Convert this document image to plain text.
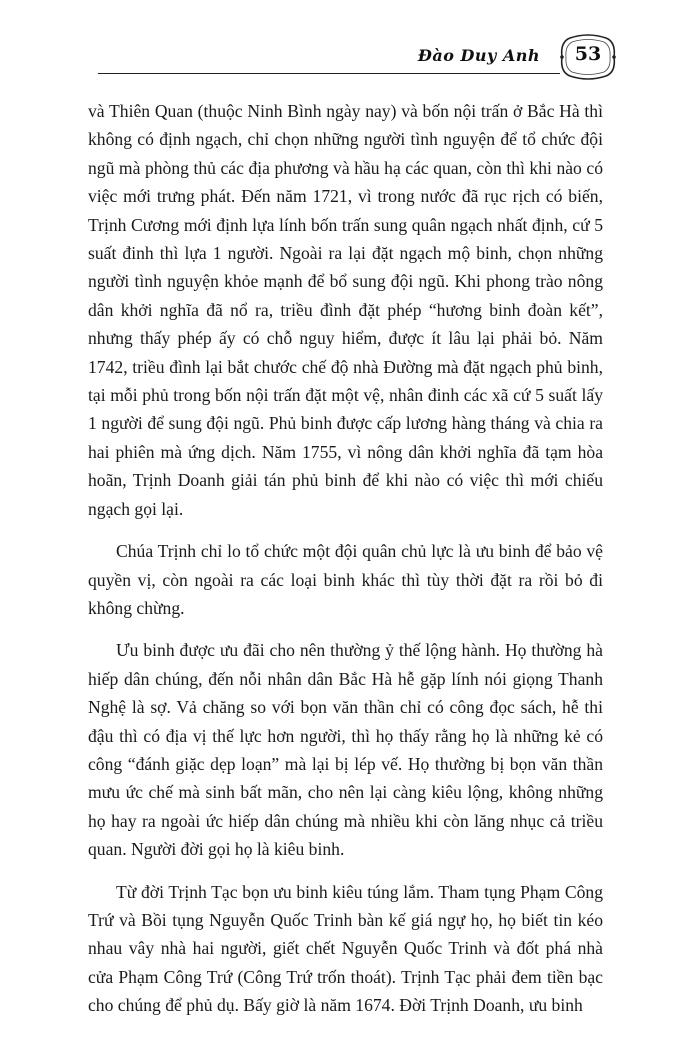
Đào Duy Anh	53

và Thiên Quan (thuộc Ninh Bình ngày nay) và bốn nội trấn ở Bắc Hà thì không có định ngạch, chỉ chọn những người tình nguyện để tổ chức đội ngũ mà phòng thủ các địa phương và hầu hạ các quan, còn thì khi nào có việc mới trưng phát. Đến năm 1721, vì trong nước đã rục rịch có biến, Trịnh Cương mới định lựa lính bốn trấn sung quân ngạch nhất định, cứ 5 suất đinh thì lựa 1 người. Ngoài ra lại đặt ngạch mộ binh, chọn những người tình nguyện khỏe mạnh để bổ sung đội ngũ. Khi phong trào nông dân khởi nghĩa đã nổ ra, triều đình đặt phép “hương binh đoàn kết”, nhưng thấy phép ấy có chỗ nguy hiểm, được ít lâu lại phải bỏ. Năm 1742, triều đình lại bắt chước chế độ nhà Đường mà đặt ngạch phủ binh, tại mỗi phủ trong bốn nội trấn đặt một vệ, nhân đinh các xã cứ 5 suất lấy 1 người để sung đội ngũ. Phủ binh được cấp lương hàng tháng và chia ra hai phiên mà ứng dịch. Năm 1755, vì nông dân khởi nghĩa đã tạm hòa hoãn, Trịnh Doanh giải tán phủ binh để khi nào có việc thì mới chiếu ngạch gọi lại.

Chúa Trịnh chỉ lo tổ chức một đội quân chủ lực là ưu binh để bảo vệ quyền vị, còn ngoài ra các loại binh khác thì tùy thời đặt ra rồi bỏ đi không chừng.

Ưu binh được ưu đãi cho nên thường ỷ thế lộng hành. Họ thường hà hiếp dân chúng, đến nỗi nhân dân Bắc Hà hễ gặp lính nói giọng Thanh Nghệ là sợ. Vả chăng so với bọn văn thần chỉ có công đọc sách, hễ thi đậu thì có địa vị thế lực hơn người, thì họ thấy rằng họ là những kẻ có công “đánh giặc dẹp loạn” mà lại bị lép vế. Họ thường bị bọn văn thần mưu ức chế mà sinh bất mãn, cho nên lại càng kiêu lộng, không những họ hay ra ngoài ức hiếp dân chúng mà nhiều khi còn lăng nhục cả triều quan. Người đời gọi họ là kiêu binh.

Từ đời Trịnh Tạc bọn ưu binh kiêu túng lắm. Tham tụng Phạm Công Trứ và Bồi tụng Nguyễn Quốc Trinh bàn kế giá ngự họ, họ biết tin kéo nhau vây nhà hai người, giết chết Nguyễn Quốc Trinh và đốt phá nhà cửa Phạm Công Trứ (Công Trứ trốn thoát). Trịnh Tạc phải đem tiền bạc cho chúng để phủ dụ. Bấy giờ là năm 1674. Đời Trịnh Doanh, ưu binh
